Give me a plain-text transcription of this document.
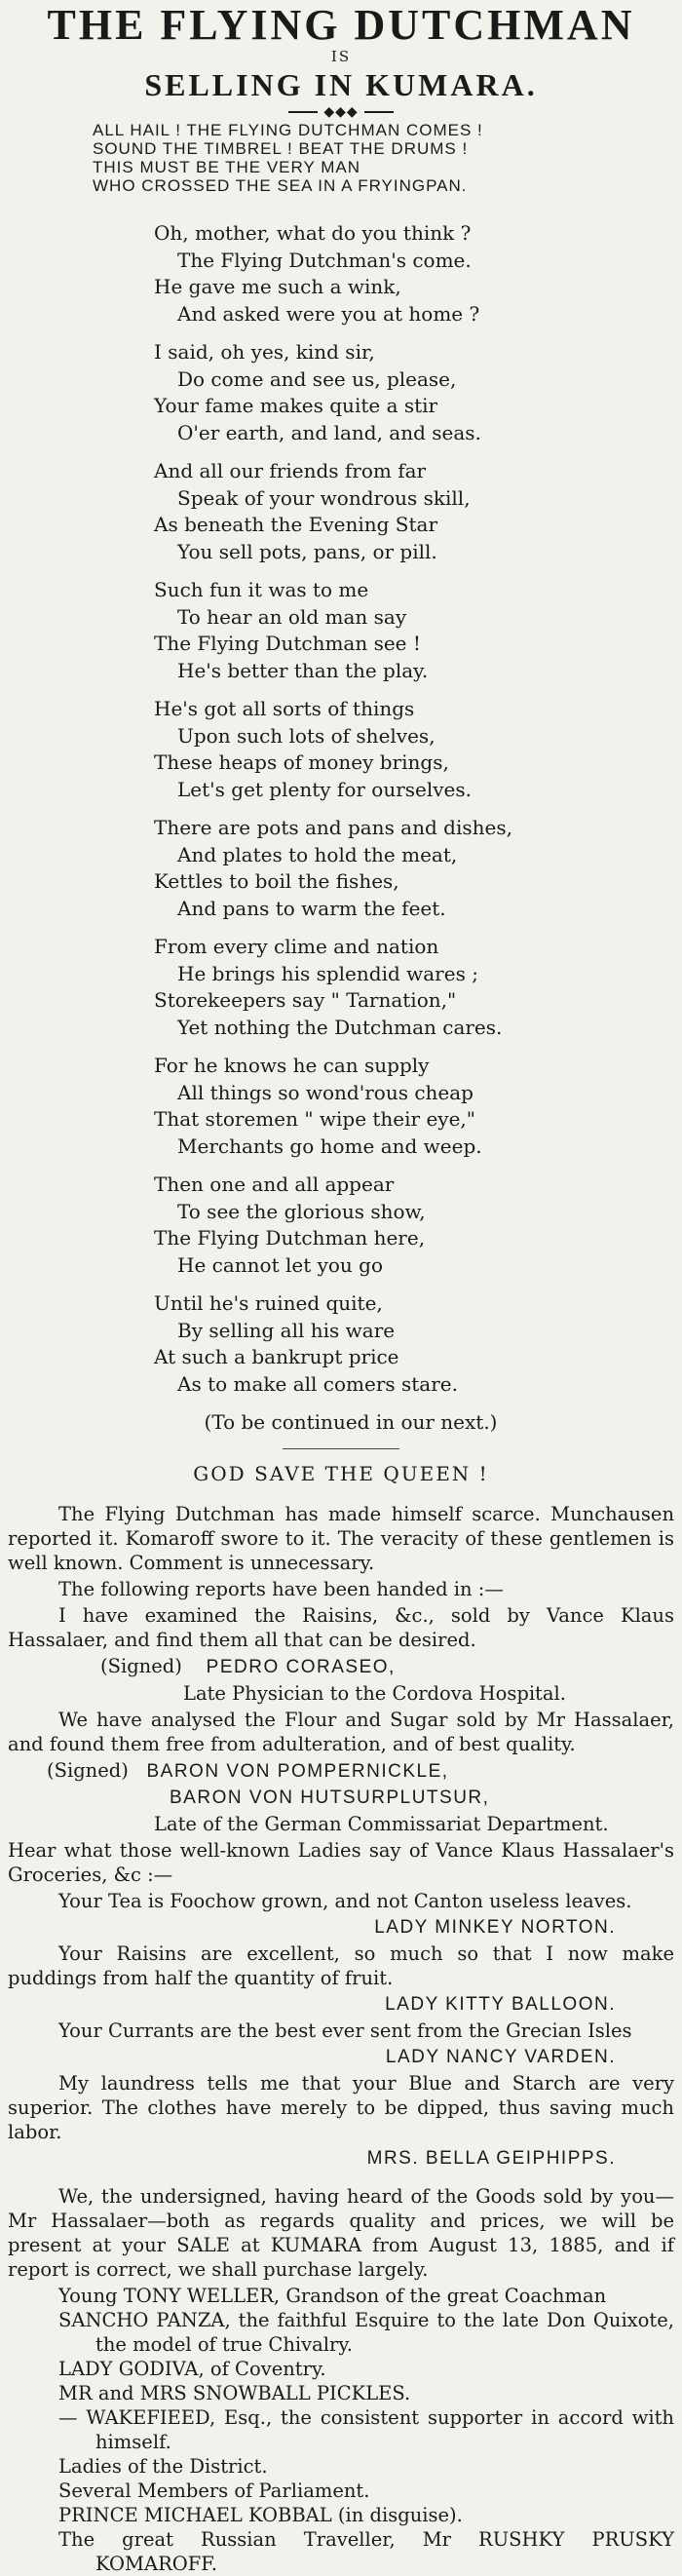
THE FLYING DUTCHMAN
IS
SELLING IN KUMARA.
◆◆◆
ALL HAIL ! THE FLYING DUTCHMAN COMES !
SOUND THE TIMBREL ! BEAT THE DRUMS !
THIS MUST BE THE VERY MAN
WHO CROSSED THE SEA IN A FRYINGPAN.
Oh, mother, what do you think ?
The Flying Dutchman's come.
He gave me such a wink,
And asked were you at home ?
I said, oh yes, kind sir,
Do come and see us, please,
Your fame makes quite a stir
O'er earth, and land, and seas.
And all our friends from far
Speak of your wondrous skill,
As beneath the Evening Star
You sell pots, pans, or pill.
Such fun it was to me
To hear an old man say
The Flying Dutchman see !
He's better than the play.
He's got all sorts of things
Upon such lots of shelves,
These heaps of money brings,
Let's get plenty for ourselves.
There are pots and pans and dishes,
And plates to hold the meat,
Kettles to boil the fishes,
And pans to warm the feet.
From every clime and nation
He brings his splendid wares ;
Storekeepers say " Tarnation,"
Yet nothing the Dutchman cares.
For he knows he can supply
All things so wond'rous cheap
That storemen " wipe their eye,"
Merchants go home and weep.
Then one and all appear
To see the glorious show,
The Flying Dutchman here,
He cannot let you go
Until he's ruined quite,
By selling all his ware
At such a bankrupt price
As to make all comers stare.
(To be continued in our next.)
GOD SAVE THE QUEEN !

The Flying Dutchman has made himself scarce. Munchausen reported it. Komaroff swore to it. The veracity of these gentlemen is well known. Comment is unnecessary.

The following reports have been handed in :—

I have examined the Raisins, &c., sold by Vance Klaus Hassalaer, and find them all that can be desired.

(Signed) PEDRO CORASEO,

Late Physician to the Cordova Hospital.

We have analysed the Flour and Sugar sold by Mr Hassalaer, and found them free from adulteration, and of best quality.

(Signed) BARON VON POMPERNICKLE,

BARON VON HUTSURPLUTSUR,

Late of the German Commissariat Department.

Hear what those well-known Ladies say of Vance Klaus Hassalaer's Groceries, &c :—

Your Tea is Foochow grown, and not Canton useless leaves.

LADY MINKEY NORTON.

Your Raisins are excellent, so much so that I now make puddings from half the quantity of fruit.

LADY KITTY BALLOON.

Your Currants are the best ever sent from the Grecian Isles

LADY NANCY VARDEN.

My laundress tells me that your Blue and Starch are very superior. The clothes have merely to be dipped, thus saving much labor.

MRS. BELLA GEIPHIPPS.

We, the undersigned, having heard of the Goods sold by you—Mr Hassalaer—both as regards quality and prices, we will be present at your SALE at KUMARA from August 13, 1885, and if report is correct, we shall purchase largely.

Young TONY WELLER, Grandson of the great Coachman

SANCHO PANZA, the faithful Esquire to the late Don Quixote, the model of true Chivalry.

LADY GODIVA, of Coventry.

MR and MRS SNOWBALL PICKLES.

— WAKEFIEED, Esq., the consistent supporter in accord with himself.

Ladies of the District.

Several Members of Parliament.

PRINCE MICHAEL KOBBAL (in disguise).

The great Russian Traveller, Mr RUSHKY PRUSKY KOMAROFF.
